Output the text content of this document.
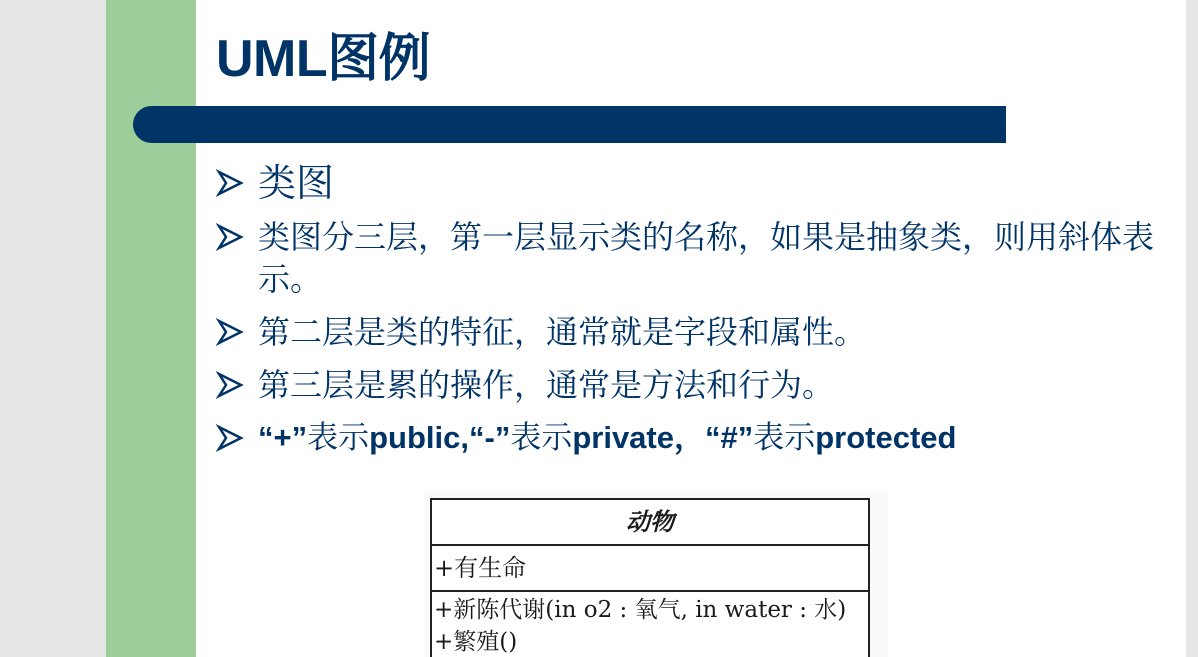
UML图例
类图
类图分三层，第一层显示类的名称，如果是抽象类，则用斜体表示。
第二层是类的特征，通常就是字段和属性。
第三层是累的操作，通常是方法和行为。
“+”表示public,“-”表示private，“#”表示protected
动物
+有生命
+新陈代谢(in o2 : 氧气, in water : 水)
+繁殖()
